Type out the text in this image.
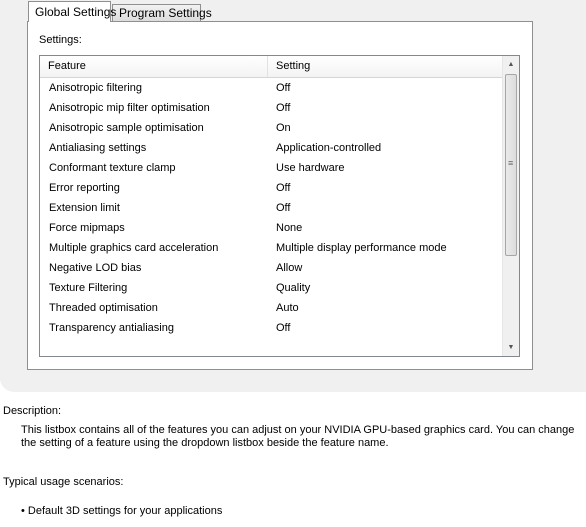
Global Settings Program Settings
Settings:
Feature	Setting
Anisotropic filtering	Off
Anisotropic mip filter optimisation	Off
Anisotropic sample optimisation	On
Antialiasing settings	Application-controlled
Conformant texture clamp	Use hardware
Error reporting	Off
Extension limit	Off
Force mipmaps	None
Multiple graphics card acceleration	Multiple display performance mode
Negative LOD bias	Allow
Texture Filtering	Quality
Threaded optimisation	Auto
Transparency antialiasing	Off
▲
≡
▼
Description:
This listbox contains all of the features you can adjust on your NVIDIA GPU-based graphics card. You can change the setting of a feature using the dropdown listbox beside the feature name.
Typical usage scenarios:
• Default 3D settings for your applications
